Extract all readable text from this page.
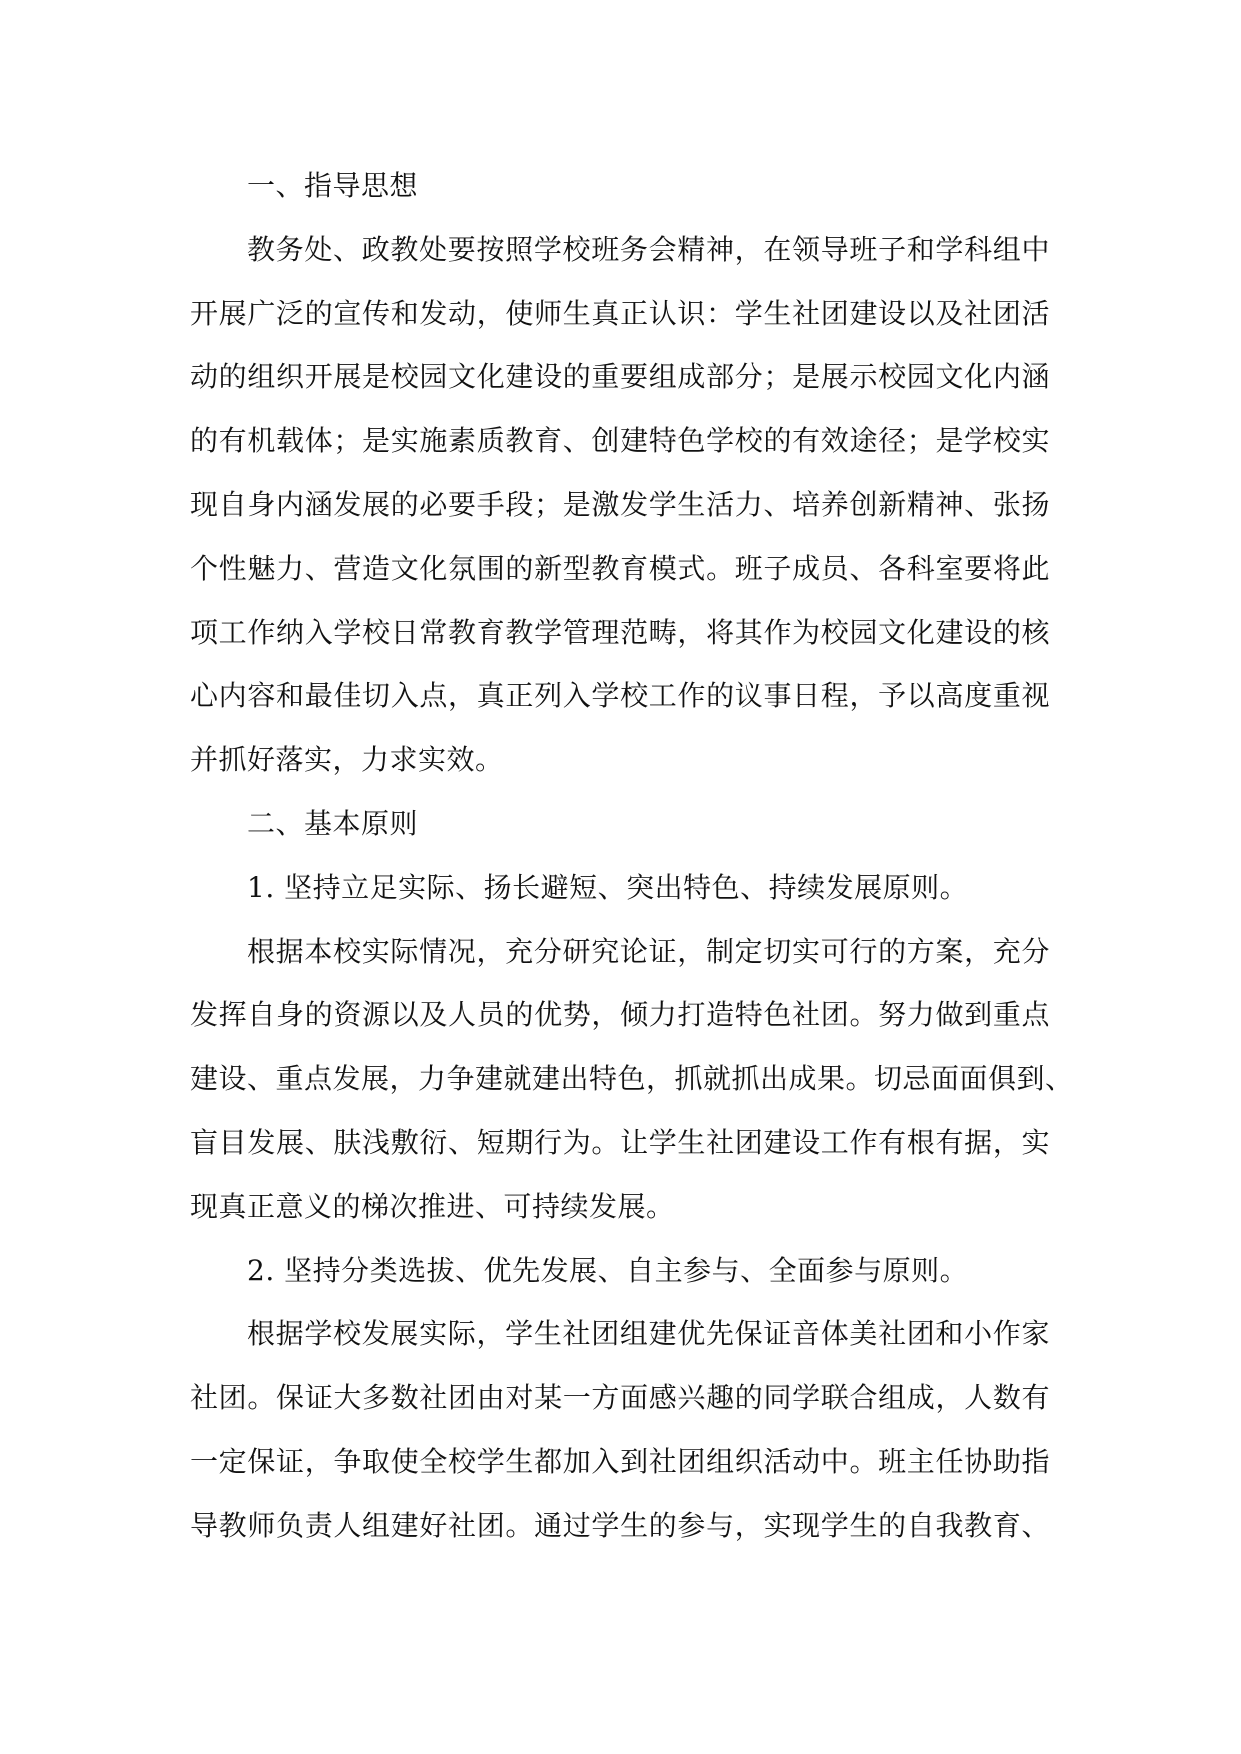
一、指导思想
教务处、政教处要按照学校班务会精神，在领导班子和学科组中
开展广泛的宣传和发动，使师生真正认识：学生社团建设以及社团活
动的组织开展是校园文化建设的重要组成部分；是展示校园文化内涵
的有机载体；是实施素质教育、创建特色学校的有效途径；是学校实
现自身内涵发展的必要手段；是激发学生活力、培养创新精神、张扬
个性魅力、营造文化氛围的新型教育模式。班子成员、各科室要将此
项工作纳入学校日常教育教学管理范畴，将其作为校园文化建设的核
心内容和最佳切入点，真正列入学校工作的议事日程，予以高度重视
并抓好落实，力求实效。
二、基本原则
1. 坚持立足实际、扬长避短、突出特色、持续发展原则。
根据本校实际情况，充分研究论证，制定切实可行的方案，充分
发挥自身的资源以及人员的优势，倾力打造特色社团。努力做到重点
建设、重点发展，力争建就建出特色，抓就抓出成果。切忌面面俱到、
盲目发展、肤浅敷衍、短期行为。让学生社团建设工作有根有据，实
现真正意义的梯次推进、可持续发展。
2. 坚持分类选拔、优先发展、自主参与、全面参与原则。
根据学校发展实际，学生社团组建优先保证音体美社团和小作家
社团。保证大多数社团由对某一方面感兴趣的同学联合组成，人数有
一定保证，争取使全校学生都加入到社团组织活动中。班主任协助指
导教师负责人组建好社团。通过学生的参与，实现学生的自我教育、
